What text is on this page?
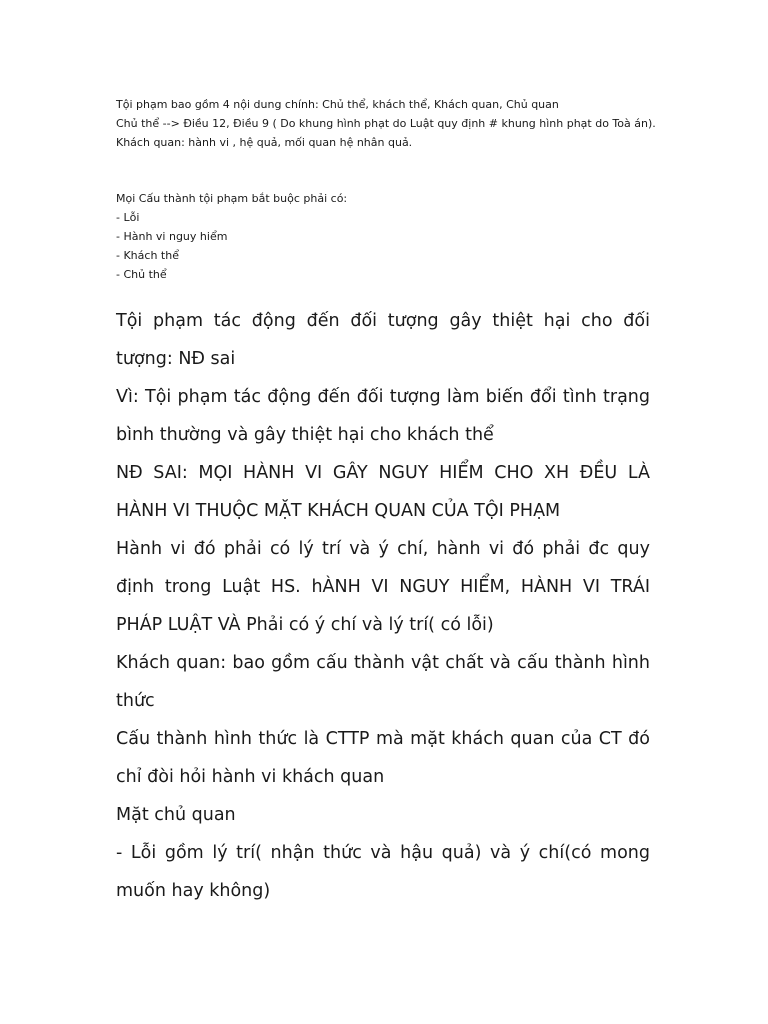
Tội phạm bao gồm 4 nội dung chính: Chủ thể, khách thể, Khách quan, Chủ quan
Chủ thể --> Điều 12, Điều 9 ( Do khung hình phạt do Luật quy định # khung hình phạt do Toà án).
Khách quan: hành vi , hệ quả, mối quan hệ nhân quả.
Mọi Cấu thành tội phạm bắt buộc phải có:
- Lỗi
- Hành vi nguy hiểm
- Khách thể
- Chủ thể

Tội phạm tác động đến đối tượng gây thiệt hại cho đối tượng: NĐ sai

Vì: Tội phạm tác động đến đối tượng làm biến đổi tình trạng bình thường và gây thiệt hại cho khách thể

NĐ SAI: MỌI HÀNH VI GÂY NGUY HIỂM CHO XH ĐỀU LÀ HÀNH VI THUỘC MẶT KHÁCH QUAN CỦA TỘI PHẠM

Hành vi đó phải có lý trí và ý chí, hành vi đó phải đc quy định trong Luật HS. hÀNH VI NGUY HIỂM, HÀNH VI TRÁI PHÁP LUẬT VÀ Phải có ý chí và lý trí( có lỗi)

Khách quan: bao gồm cấu thành vật chất và cấu thành hình thức

Cấu thành hình thức là CTTP mà mặt khách quan của CT đó chỉ đòi hỏi hành vi khách quan

Mặt chủ quan

- Lỗi gồm lý trí( nhận thức và hậu quả) và ý chí(có mong muốn hay không)
